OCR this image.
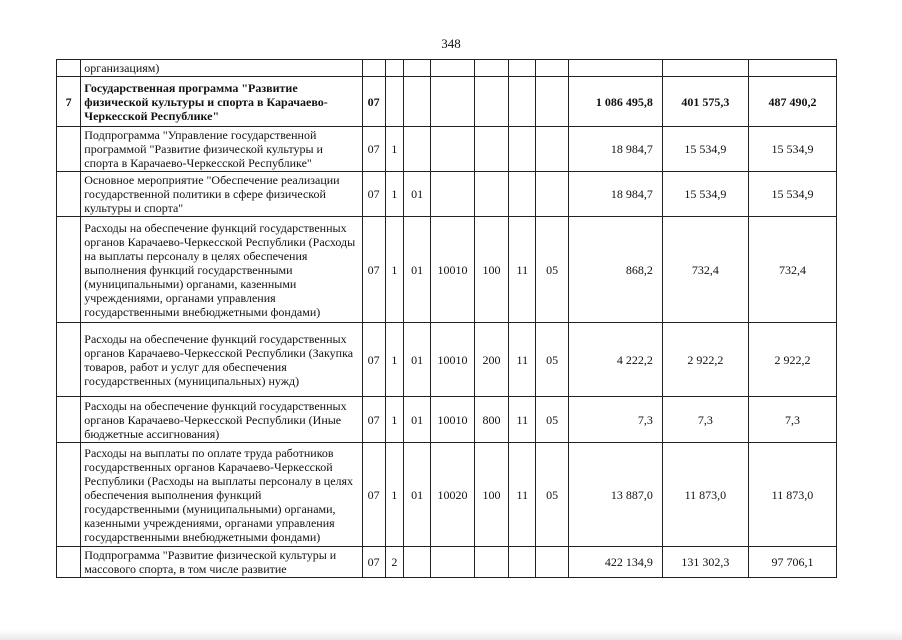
348
	организациям)										
7	Государственная программа "Развитие физической культуры и спорта в Карачаево-Черкесской Республике"	07							1 086 495,8	401 575,3	487 490,2
	Подпрограмма "Управление государственной программой "Развитие физической культуры и спорта в Карачаево-Черкесской Республике"	07	1						18 984,7	15 534,9	15 534,9
	Основное мероприятие "Обеспечение реализации государственной политики в сфере физической культуры и спорта"	07	1	01					18 984,7	15 534,9	15 534,9
	Расходы на обеспечение функций государственных органов Карачаево-Черкесской Республики (Расходы на выплаты персоналу в целях обеспечения выполнения функций государственными (муниципальными) органами, казенными учреждениями, органами управления государственными внебюджетными фондами)	07	1	01	10010	100	11	05	868,2	732,4	732,4
	Расходы на обеспечение функций государственных органов Карачаево-Черкесской Республики (Закупка товаров, работ и услуг для обеспечения государственных (муниципальных) нужд)	07	1	01	10010	200	11	05	4 222,2	2 922,2	2 922,2
	Расходы на обеспечение функций государственных органов Карачаево-Черкесской Республики (Иные бюджетные ассигнования)	07	1	01	10010	800	11	05	7,3	7,3	7,3
	Расходы на выплаты по оплате труда работников государственных органов Карачаево-Черкесской Республики (Расходы на выплаты персоналу в целях обеспечения выполнения функций государственными (муниципальными) органами, казенными учреждениями, органами управления государственными внебюджетными фондами)	07	1	01	10020	100	11	05	13 887,0	11 873,0	11 873,0
	Подпрограмма "Развитие физической культуры и массового спорта, в том числе развитие	07	2						422 134,9	131 302,3	97 706,1
